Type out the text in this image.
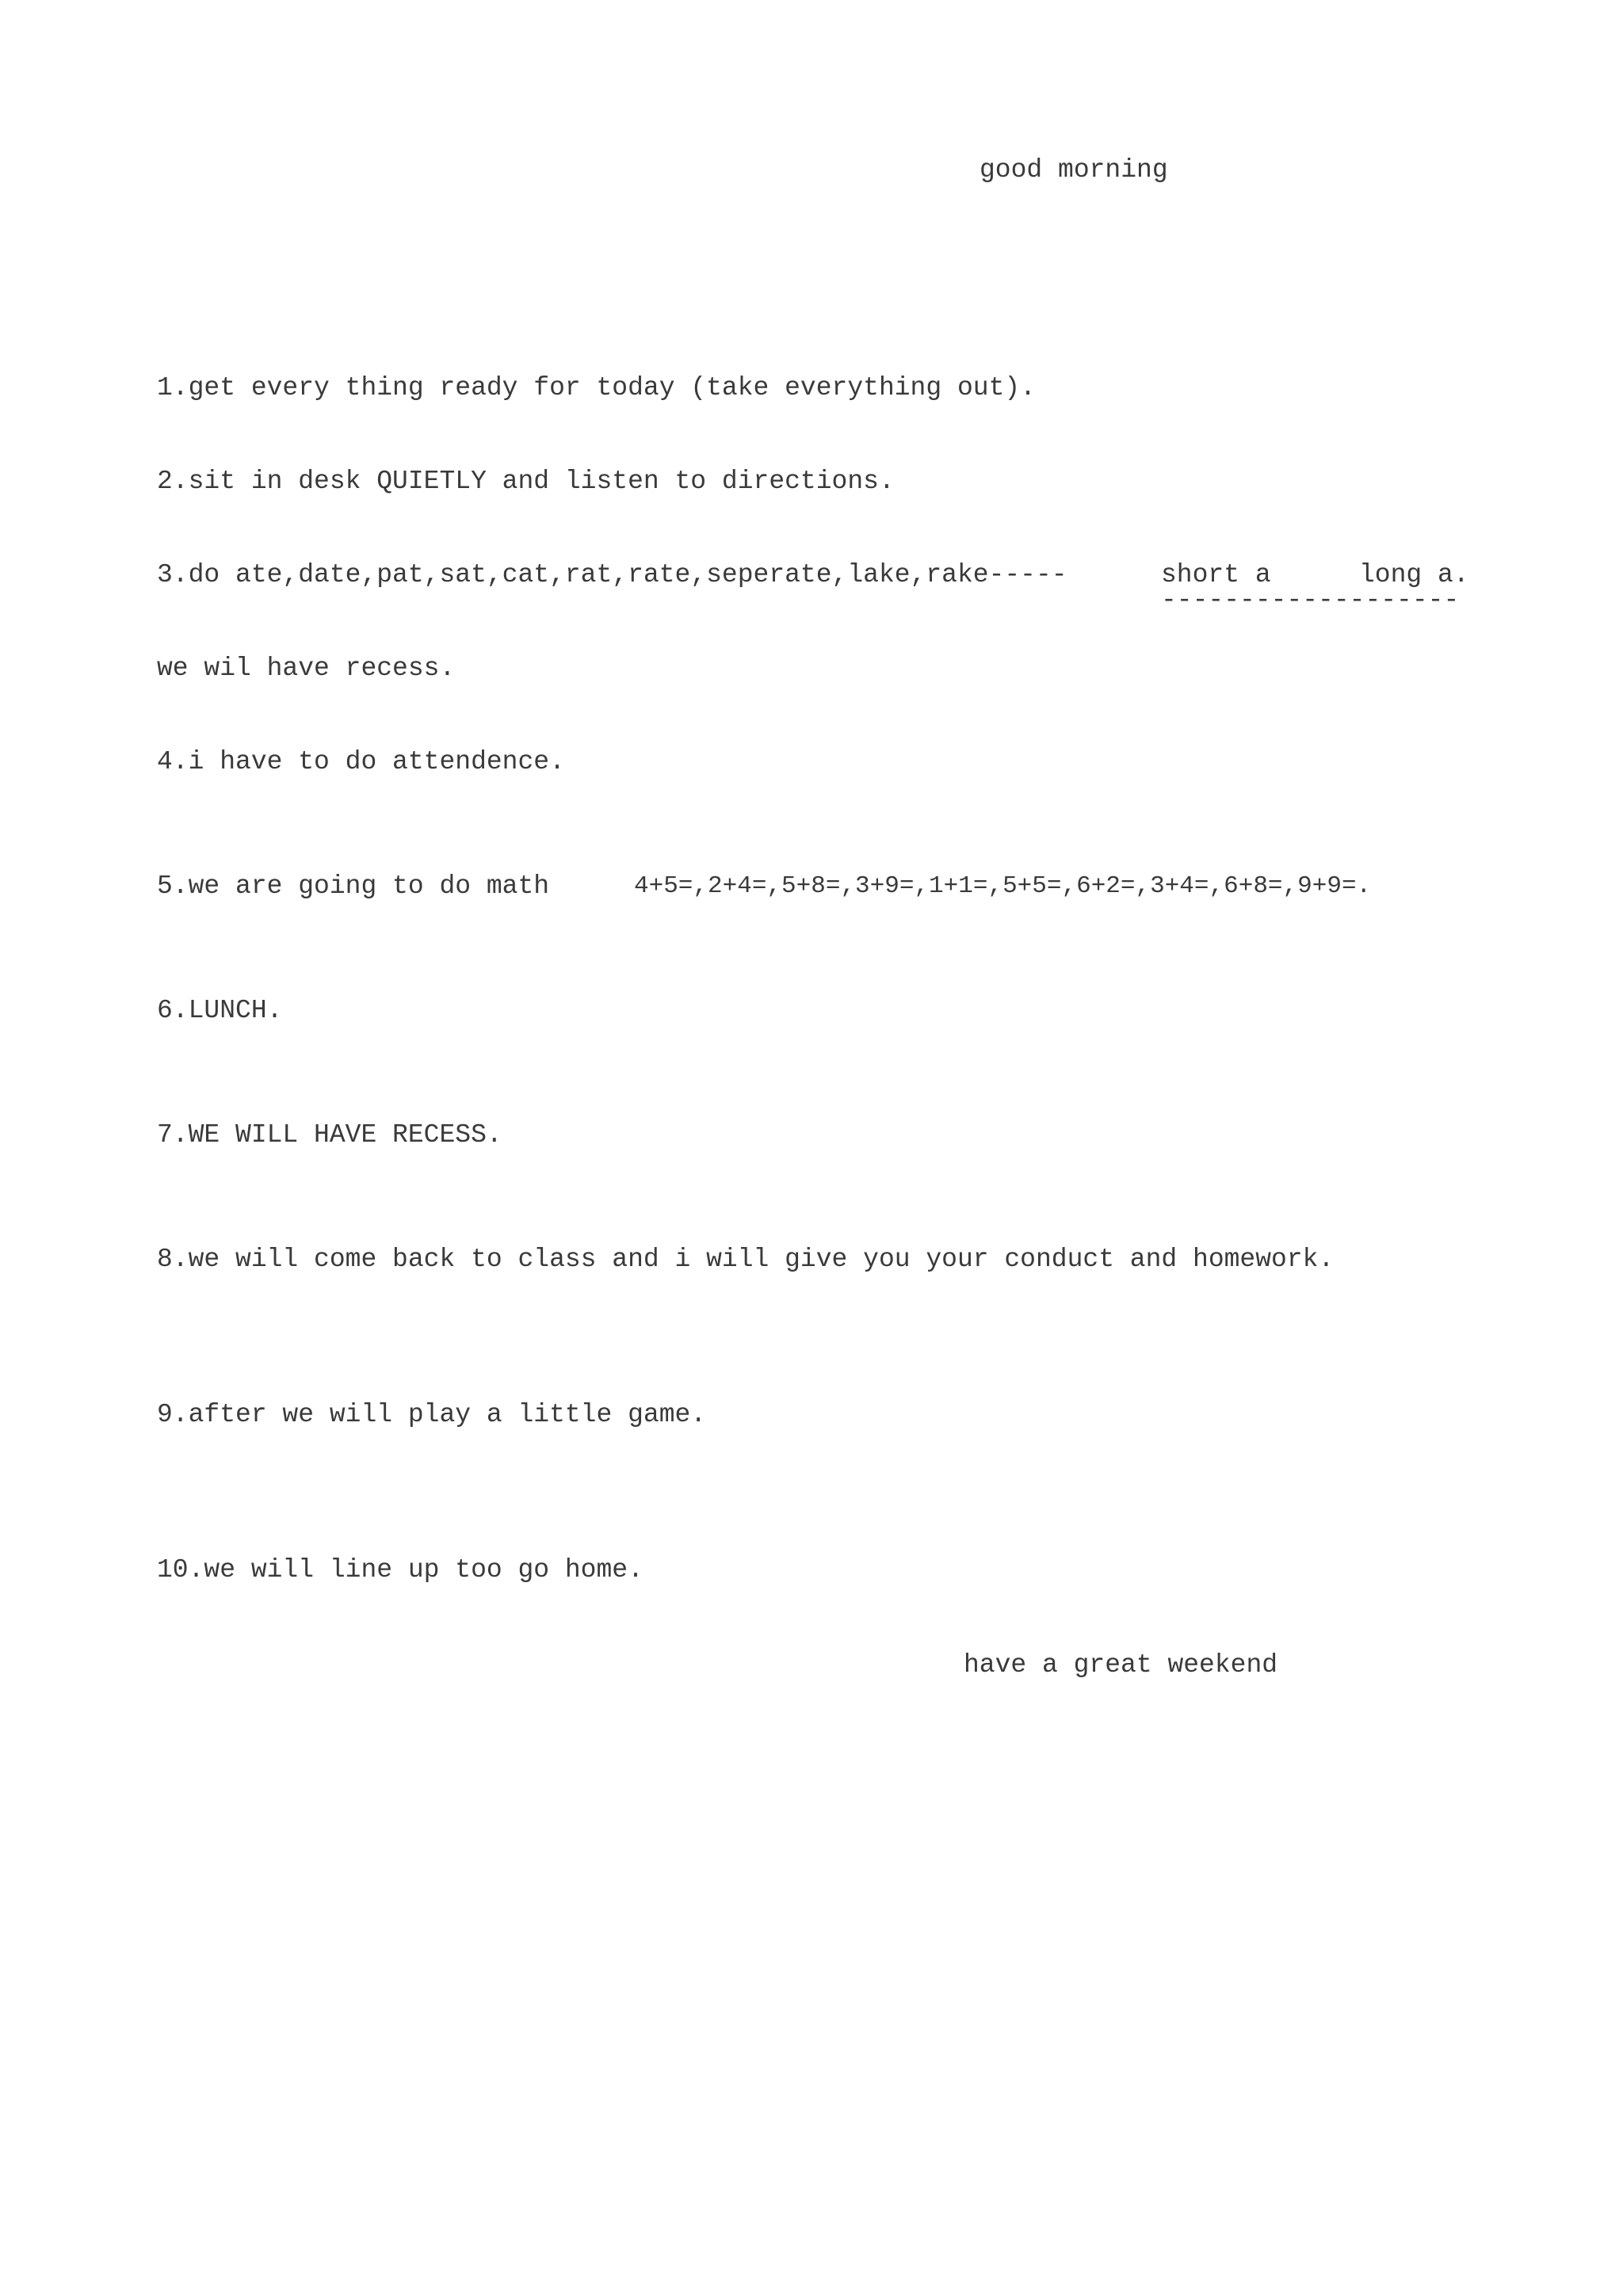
good morning
1.get every thing ready for today (take everything out).
2.sit in desk QUIETLY and listen to directions.
3.do ate,date,pat,sat,cat,rat,rate,seperate,lake,rake-----

	short a

	long a.

-------------------

we wil have recess.
4.i have to do attendence.
5.we are going to do math	4+5=,2+4=,5+8=,3+9=,1+1=,5+5=,6+2=,3+4=,6+8=,9+9=.
6.LUNCH.
7.WE WILL HAVE RECESS.
8.we will come back to class and i will give you your conduct and homework.
9.after we will play a little game.
10.we will line up too go home.
have a great weekend
